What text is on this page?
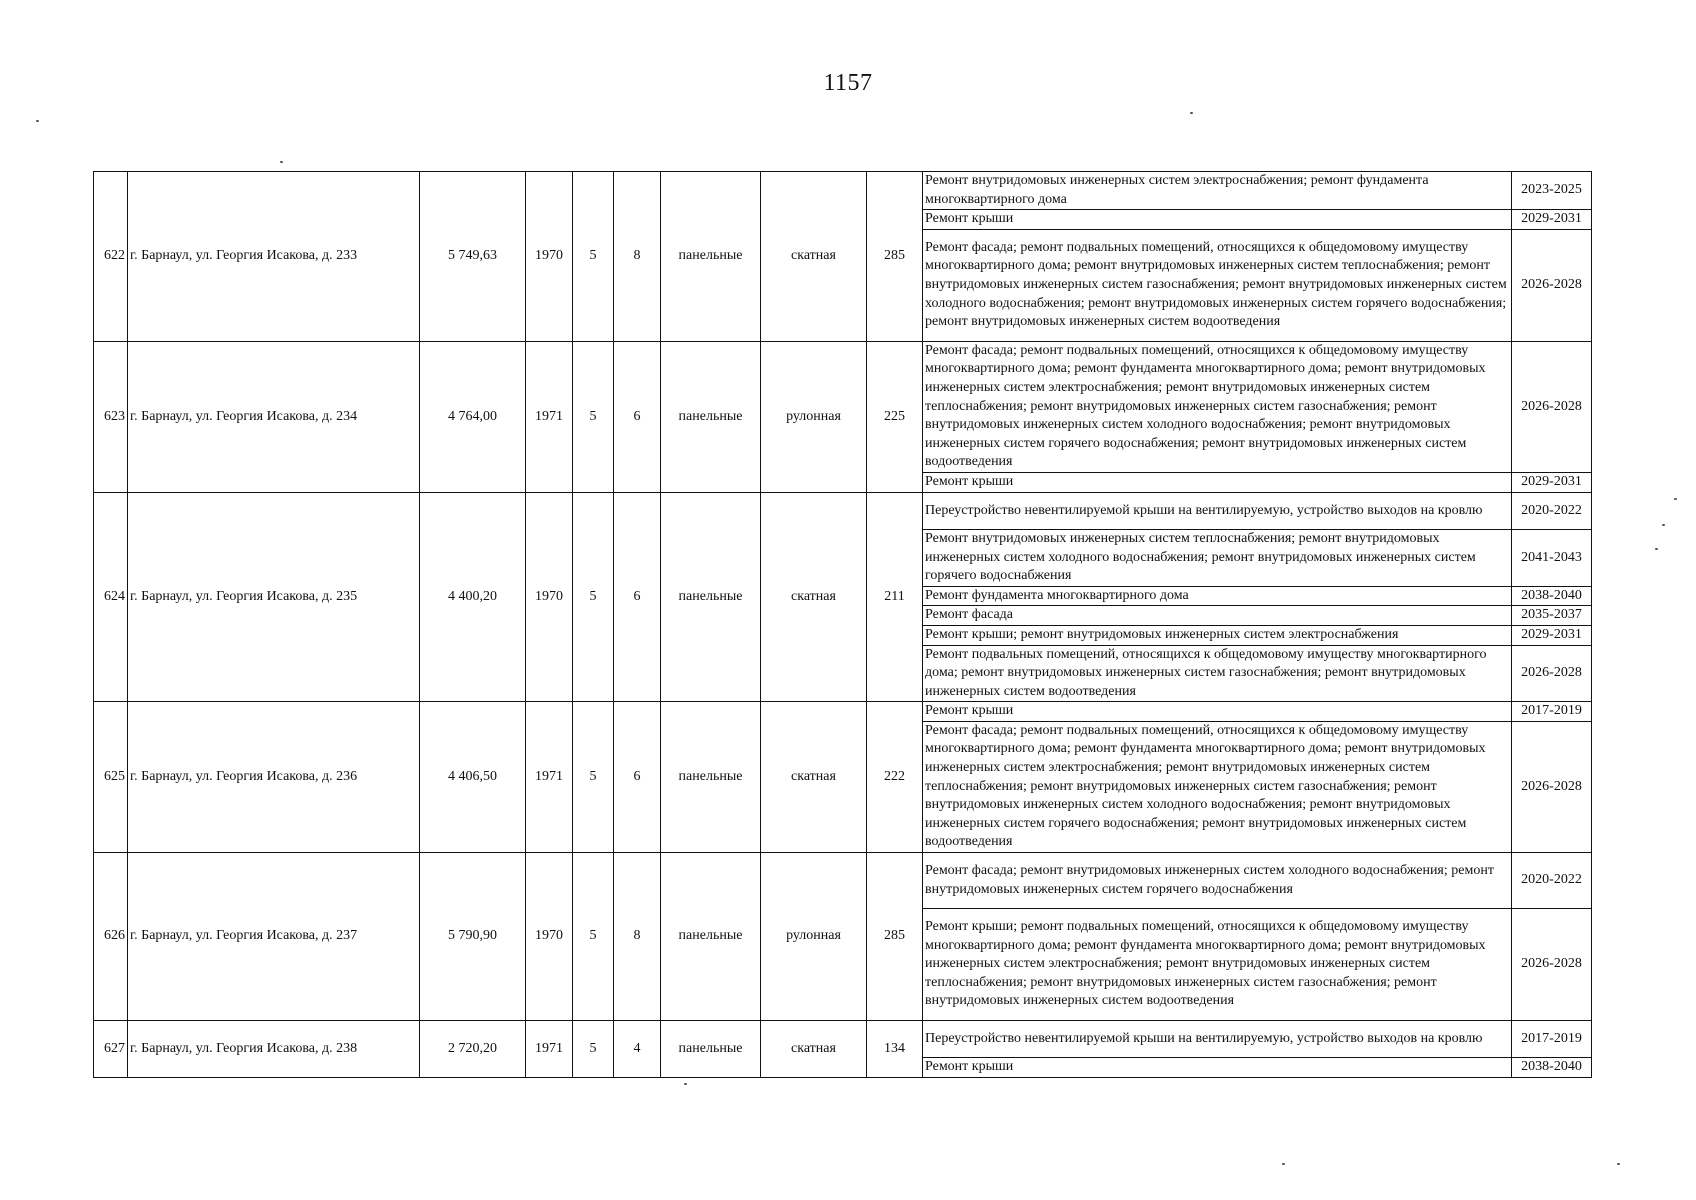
1157
622	г. Барнаул, ул. Георгия Исакова, д. 233	5 749,63	1970	5	8	панельные	скатная	285	Ремонт внутридомовых инженерных систем электроснабжения; ремонт фундамента многоквартирного дома	2023-2025
									Ремонт крыши	2029-2031
									Ремонт фасада; ремонт подвальных помещений, относящихся к общедомовому имуществу многоквартирного дома; ремонт внутридомовых инженерных систем теплоснабжения; ремонт внутридомовых инженерных систем газоснабжения; ремонт внутридомовых инженерных систем холодного водоснабжения; ремонт внутридомовых инженерных систем горячего водоснабжения; ремонт внутридомовых инженерных систем водоотведения	2026-2028
623	г. Барнаул, ул. Георгия Исакова, д. 234	4 764,00	1971	5	6	панельные	рулонная	225	Ремонт фасада; ремонт подвальных помещений, относящихся к общедомовому имуществу многоквартирного дома; ремонт фундамента многоквартирного дома; ремонт внутридомовых инженерных систем электроснабжения; ремонт внутридомовых инженерных систем теплоснабжения; ремонт внутридомовых инженерных систем газоснабжения; ремонт внутридомовых инженерных систем холодного водоснабжения; ремонт внутридомовых инженерных систем горячего водоснабжения; ремонт внутридомовых инженерных систем водоотведения	2026-2028
									Ремонт крыши	2029-2031
624	г. Барнаул, ул. Георгия Исакова, д. 235	4 400,20	1970	5	6	панельные	скатная	211	Переустройство невентилируемой крыши на вентилируемую, устройство выходов на кровлю	2020-2022
									Ремонт внутридомовых инженерных систем теплоснабжения; ремонт внутридомовых инженерных систем холодного водоснабжения; ремонт внутридомовых инженерных систем горячего водоснабжения	2041-2043
									Ремонт фундамента многоквартирного дома	2038-2040
									Ремонт фасада	2035-2037
									Ремонт крыши; ремонт внутридомовых инженерных систем электроснабжения	2029-2031
									Ремонт подвальных помещений, относящихся к общедомовому имуществу многоквартирного дома; ремонт внутридомовых инженерных систем газоснабжения; ремонт внутридомовых инженерных систем водоотведения	2026-2028
625	г. Барнаул, ул. Георгия Исакова, д. 236	4 406,50	1971	5	6	панельные	скатная	222	Ремонт крыши	2017-2019
									Ремонт фасада; ремонт подвальных помещений, относящихся к общедомовому имуществу многоквартирного дома; ремонт фундамента многоквартирного дома; ремонт внутридомовых инженерных систем электроснабжения; ремонт внутридомовых инженерных систем теплоснабжения; ремонт внутридомовых инженерных систем газоснабжения; ремонт внутридомовых инженерных систем холодного водоснабжения; ремонт внутридомовых инженерных систем горячего водоснабжения; ремонт внутридомовых инженерных систем водоотведения	2026-2028
626	г. Барнаул, ул. Георгия Исакова, д. 237	5 790,90	1970	5	8	панельные	рулонная	285	Ремонт фасада; ремонт внутридомовых инженерных систем холодного водоснабжения; ремонт внутридомовых инженерных систем горячего водоснабжения	2020-2022
									Ремонт крыши; ремонт подвальных помещений, относящихся к общедомовому имуществу многоквартирного дома; ремонт фундамента многоквартирного дома; ремонт внутридомовых инженерных систем электроснабжения; ремонт внутридомовых инженерных систем теплоснабжения; ремонт внутридомовых инженерных систем газоснабжения; ремонт внутридомовых инженерных систем водоотведения	2026-2028
627	г. Барнаул, ул. Георгия Исакова, д. 238	2 720,20	1971	5	4	панельные	скатная	134	Переустройство невентилируемой крыши на вентилируемую, устройство выходов на кровлю	2017-2019
									Ремонт крыши	2038-2040
